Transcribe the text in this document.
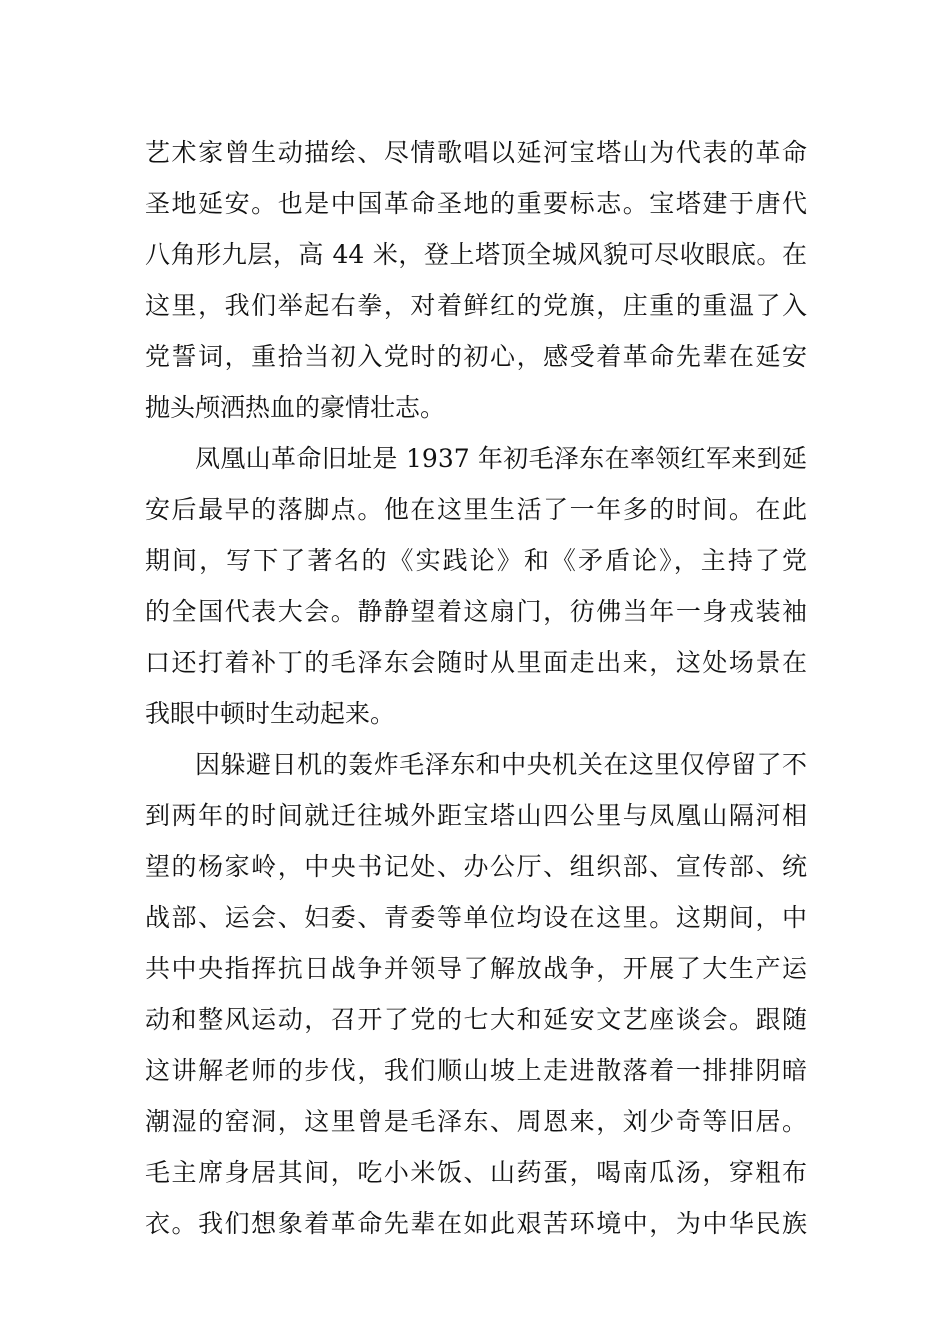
艺术家曾生动描绘、尽情歌唱以延河宝塔山为代表的革命
圣地延安。也是中国革命圣地的重要标志。宝塔建于唐代
八角形九层，高 44 米，登上塔顶全城风貌可尽收眼底。在
这里，我们举起右拳，对着鲜红的党旗，庄重的重温了入
党誓词，重拾当初入党时的初心，感受着革命先辈在延安
抛头颅洒热血的豪情壮志。
凤凰山革命旧址是 1937 年初毛泽东在率领红军来到延
安后最早的落脚点。他在这里生活了一年多的时间。在此
期间，写下了著名的《实践论》和《矛盾论》，主持了党
的全国代表大会。静静望着这扇门，彷佛当年一身戎装袖
口还打着补丁的毛泽东会随时从里面走出来，这处场景在
我眼中顿时生动起来。
因躲避日机的轰炸毛泽东和中央机关在这里仅停留了不
到两年的时间就迁往城外距宝塔山四公里与凤凰山隔河相
望的杨家岭，中央书记处、办公厅、组织部、宣传部、统
战部、运会、妇委、青委等单位均设在这里。这期间，中
共中央指挥抗日战争并领导了解放战争，开展了大生产运
动和整风运动，召开了党的七大和延安文艺座谈会。跟随
这讲解老师的步伐，我们顺山坡上走进散落着一排排阴暗
潮湿的窑洞，这里曾是毛泽东、周恩来，刘少奇等旧居。
毛主席身居其间，吃小米饭、山药蛋，喝南瓜汤，穿粗布
衣。我们想象着革命先辈在如此艰苦环境中，为中华民族
